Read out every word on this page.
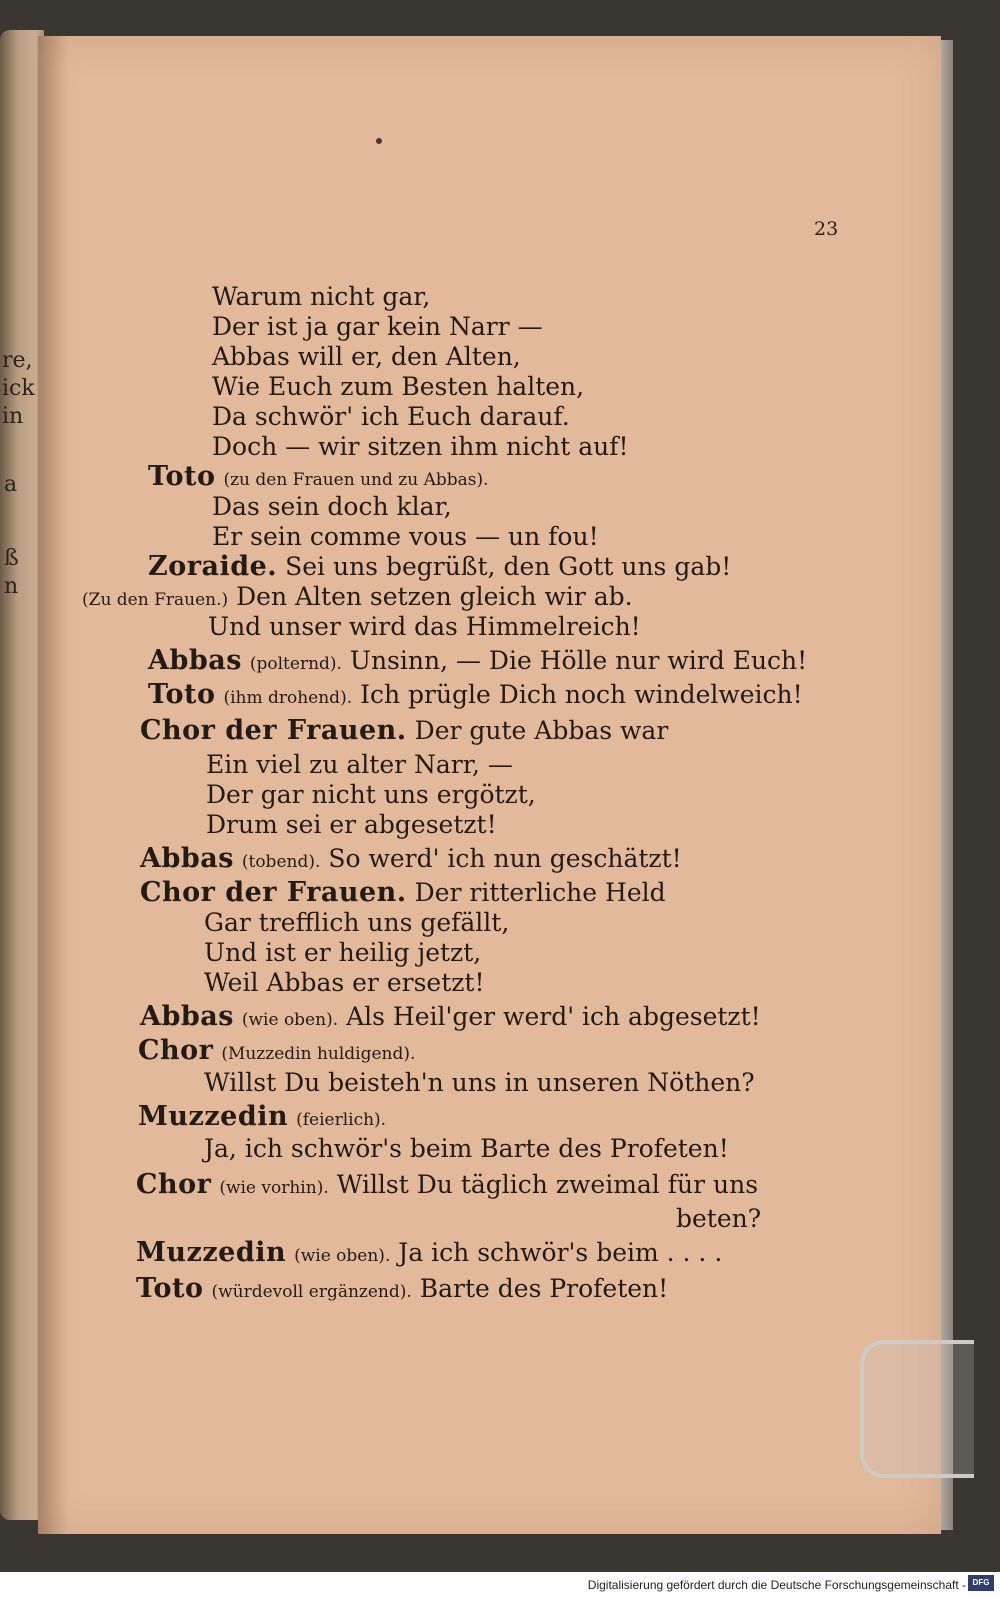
re,
ick
in
a
ß
n
23
Warum nicht gar,
Der ist ja gar kein Narr —
Abbas will er, den Alten,
Wie Euch zum Besten halten,
Da schwör' ich Euch darauf.
Doch — wir sitzen ihm nicht auf!
Toto (zu den Frauen und zu Abbas).
Das sein doch klar,
Er sein comme vous — un fou!
Zoraide. Sei uns begrüßt, den Gott uns gab!
(Zu den Frauen.) Den Alten setzen gleich wir ab.
Und unser wird das Himmelreich!
Abbas (polternd). Unsinn, — Die Hölle nur wird Euch!
Toto (ihm drohend). Ich prügle Dich noch windelweich!
Chor der Frauen. Der gute Abbas war
Ein viel zu alter Narr, —
Der gar nicht uns ergötzt,
Drum sei er abgesetzt!
Abbas (tobend). So werd' ich nun geschätzt!
Chor der Frauen. Der ritterliche Held
Gar trefflich uns gefällt,
Und ist er heilig jetzt,
Weil Abbas er ersetzt!
Abbas (wie oben). Als Heil'ger werd' ich abgesetzt!
Chor (Muzzedin huldigend).
Willst Du beisteh'n uns in unseren Nöthen?
Muzzedin (feierlich).
Ja, ich schwör's beim Barte des Profeten!
Chor (wie vorhin). Willst Du täglich zweimal für uns
beten?
Muzzedin (wie oben). Ja ich schwör's beim . . . .
Toto (würdevoll ergänzend). Barte des Profeten!
Digitalisierung gefördert durch die Deutsche Forschungsgemeinschaft - DFG
